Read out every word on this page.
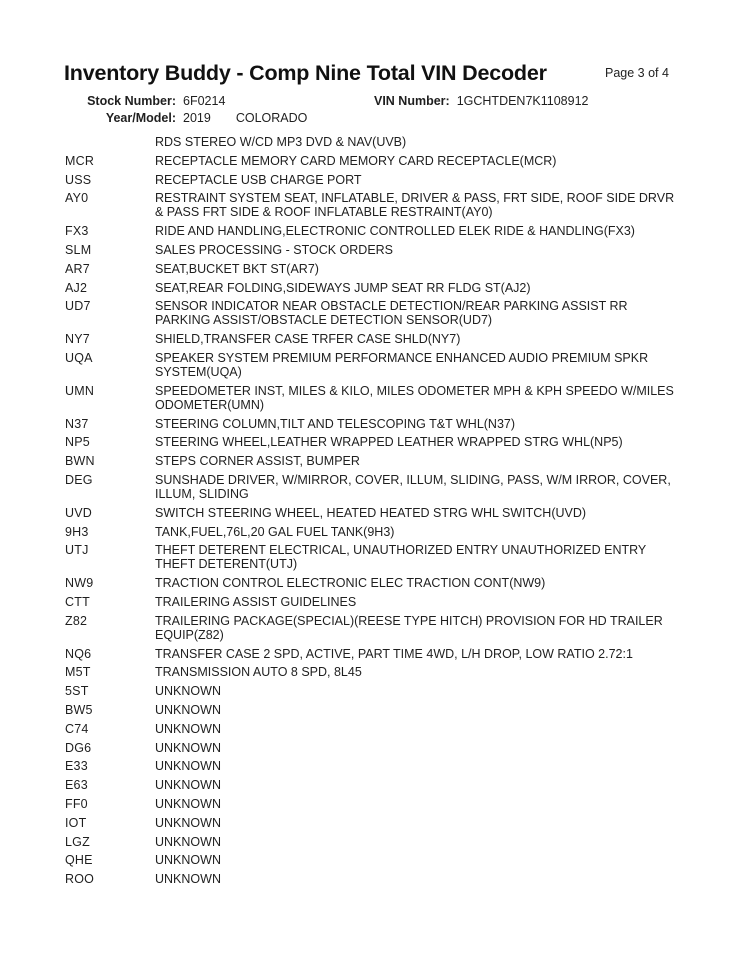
Inventory Buddy - Comp Nine Total VIN Decoder	Page 3 of 4
Stock Number: 6F0214	VIN Number: 1GCHTDEN7K1108912
Year/Model: 2019 COLORADO
RDS STEREO W/CD MP3 DVD & NAV(UVB)
MCR	RECEPTACLE MEMORY CARD MEMORY CARD RECEPTACLE(MCR)
USS	RECEPTACLE USB CHARGE PORT
AY0	RESTRAINT SYSTEM SEAT, INFLATABLE, DRIVER & PASS, FRT SIDE, ROOF SIDE DRVR & PASS FRT SIDE & ROOF INFLATABLE RESTRAINT(AY0)
FX3	RIDE AND HANDLING,ELECTRONIC CONTROLLED ELEK RIDE & HANDLING(FX3)
SLM	SALES PROCESSING - STOCK ORDERS
AR7	SEAT,BUCKET BKT ST(AR7)
AJ2	SEAT,REAR FOLDING,SIDEWAYS JUMP SEAT RR FLDG ST(AJ2)
UD7	SENSOR INDICATOR NEAR OBSTACLE DETECTION/REAR PARKING ASSIST RR PARKING ASSIST/OBSTACLE DETECTION SENSOR(UD7)
NY7	SHIELD,TRANSFER CASE TRFER CASE SHLD(NY7)
UQA	SPEAKER SYSTEM PREMIUM PERFORMANCE ENHANCED AUDIO PREMIUM SPKR SYSTEM(UQA)
UMN	SPEEDOMETER INST, MILES & KILO, MILES ODOMETER MPH & KPH SPEEDO W/MILES ODOMETER(UMN)
N37	STEERING COLUMN,TILT AND TELESCOPING T&T WHL(N37)
NP5	STEERING WHEEL,LEATHER WRAPPED LEATHER WRAPPED STRG WHL(NP5)
BWN	STEPS CORNER ASSIST, BUMPER
DEG	SUNSHADE DRIVER, W/MIRROR, COVER, ILLUM, SLIDING, PASS, W/M IRROR, COVER, ILLUM, SLIDING
UVD	SWITCH STEERING WHEEL, HEATED HEATED STRG WHL SWITCH(UVD)
9H3	TANK,FUEL,76L,20 GAL FUEL TANK(9H3)
UTJ	THEFT DETERENT ELECTRICAL, UNAUTHORIZED ENTRY UNAUTHORIZED ENTRY THEFT DETERENT(UTJ)
NW9	TRACTION CONTROL ELECTRONIC ELEC TRACTION CONT(NW9)
CTT	TRAILERING ASSIST GUIDELINES
Z82	TRAILERING PACKAGE(SPECIAL)(REESE TYPE HITCH) PROVISION FOR HD TRAILER EQUIP(Z82)
NQ6	TRANSFER CASE 2 SPD, ACTIVE, PART TIME 4WD, L/H DROP, LOW RATIO 2.72:1
M5T	TRANSMISSION AUTO 8 SPD, 8L45
5ST	UNKNOWN
BW5	UNKNOWN
C74	UNKNOWN
DG6	UNKNOWN
E33	UNKNOWN
E63	UNKNOWN
FF0	UNKNOWN
IOT	UNKNOWN
LGZ	UNKNOWN
QHE	UNKNOWN
ROO	UNKNOWN
